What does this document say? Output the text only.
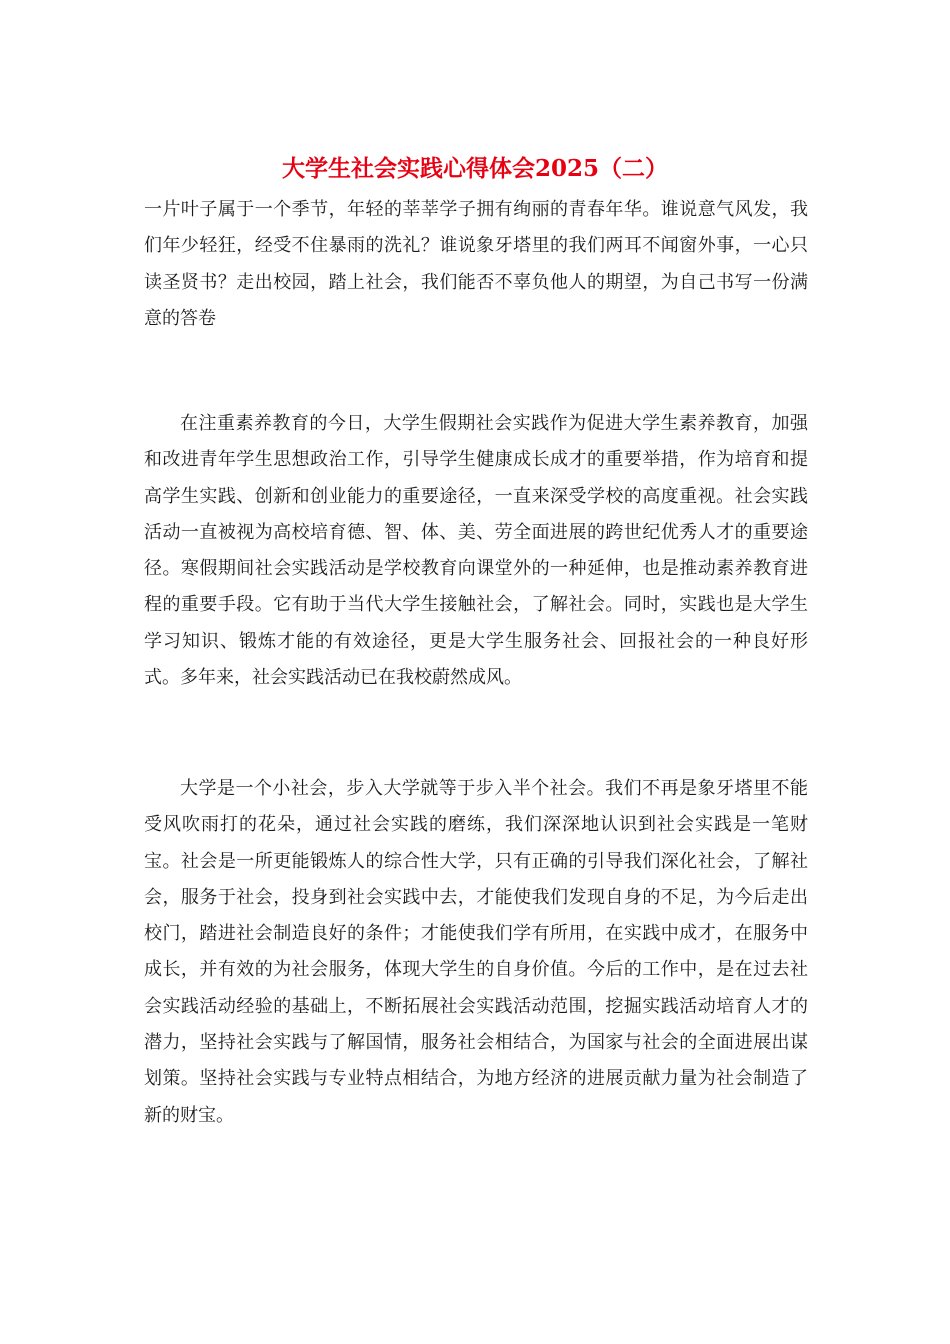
大学生社会实践心得体会2025（二）

一片叶子属于一个季节，年轻的莘莘学子拥有绚丽的青春年华。谁说意气风发，我们年少轻狂，经受不住暴雨的洗礼？谁说象牙塔里的我们两耳不闻窗外事，一心只读圣贤书？走出校园，踏上社会，我们能否不辜负他人的期望，为自己书写一份满意的答卷

在注重素养教育的今日，大学生假期社会实践作为促进大学生素养教育，加强和改进青年学生思想政治工作，引导学生健康成长成才的重要举措，作为培育和提高学生实践、创新和创业能力的重要途径，一直来深受学校的高度重视。社会实践活动一直被视为高校培育德、智、体、美、劳全面进展的跨世纪优秀人才的重要途径。寒假期间社会实践活动是学校教育向课堂外的一种延伸，也是推动素养教育进程的重要手段。它有助于当代大学生接触社会，了解社会。同时，实践也是大学生学习知识、锻炼才能的有效途径，更是大学生服务社会、回报社会的一种良好形式。多年来，社会实践活动已在我校蔚然成风。

大学是一个小社会，步入大学就等于步入半个社会。我们不再是象牙塔里不能受风吹雨打的花朵，通过社会实践的磨练，我们深深地认识到社会实践是一笔财宝。社会是一所更能锻炼人的综合性大学，只有正确的引导我们深化社会，了解社会，服务于社会，投身到社会实践中去，才能使我们发现自身的不足，为今后走出校门，踏进社会制造良好的条件；才能使我们学有所用，在实践中成才，在服务中成长，并有效的为社会服务，体现大学生的自身价值。今后的工作中，是在过去社会实践活动经验的基础上，不断拓展社会实践活动范围，挖掘实践活动培育人才的潜力，坚持社会实践与了解国情，服务社会相结合，为国家与社会的全面进展出谋划策。坚持社会实践与专业特点相结合，为地方经济的进展贡献力量为社会制造了新的财宝。
